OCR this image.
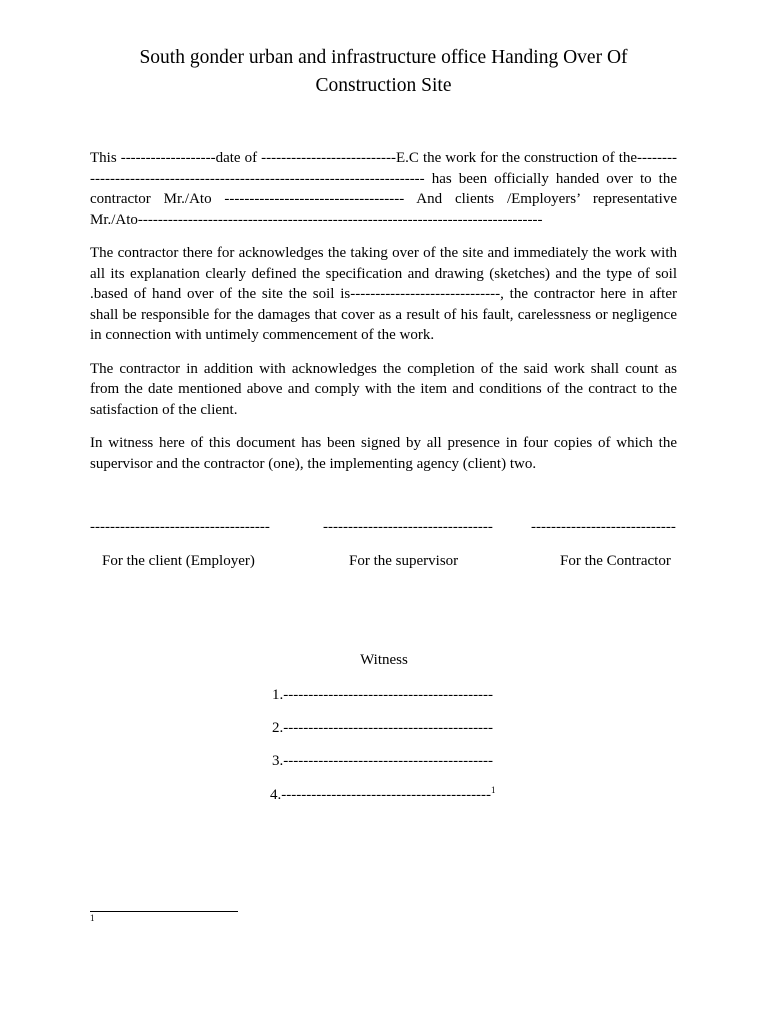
South gonder urban and infrastructure office Handing Over Of Construction Site

This -------------------date of ---------------------------E.C the work for the construction of the--------------------------------------------------------------------------- has been officially handed over to the contractor Mr./Ato ------------------------------------ And clients /Employers’ representative Mr./Ato---------------------------------------------------------------------------------

The contractor there for acknowledges the taking over of the site and immediately the work with all its explanation clearly defined the specification and drawing (sketches) and the type of soil .based of hand over of the site the soil is------------------------------, the contractor here in after shall be responsible for the damages that cover as a result of his fault, carelessness or negligence in connection with untimely commencement of the work.

The contractor in addition with acknowledges the completion of the said work shall count as from the date mentioned above and comply with the item and conditions of the contract to the satisfaction of the client.

In witness here of this document has been signed by all presence in four copies of which the supervisor and the contractor (one), the implementing agency (client) two.

------------------------------------	----------------------------------	-----------------------------
For the client (Employer)	For the supervisor	For the Contractor
Witness
1.------------------------------------------
2.------------------------------------------
3.------------------------------------------
4.------------------------------------------$^1$
1
